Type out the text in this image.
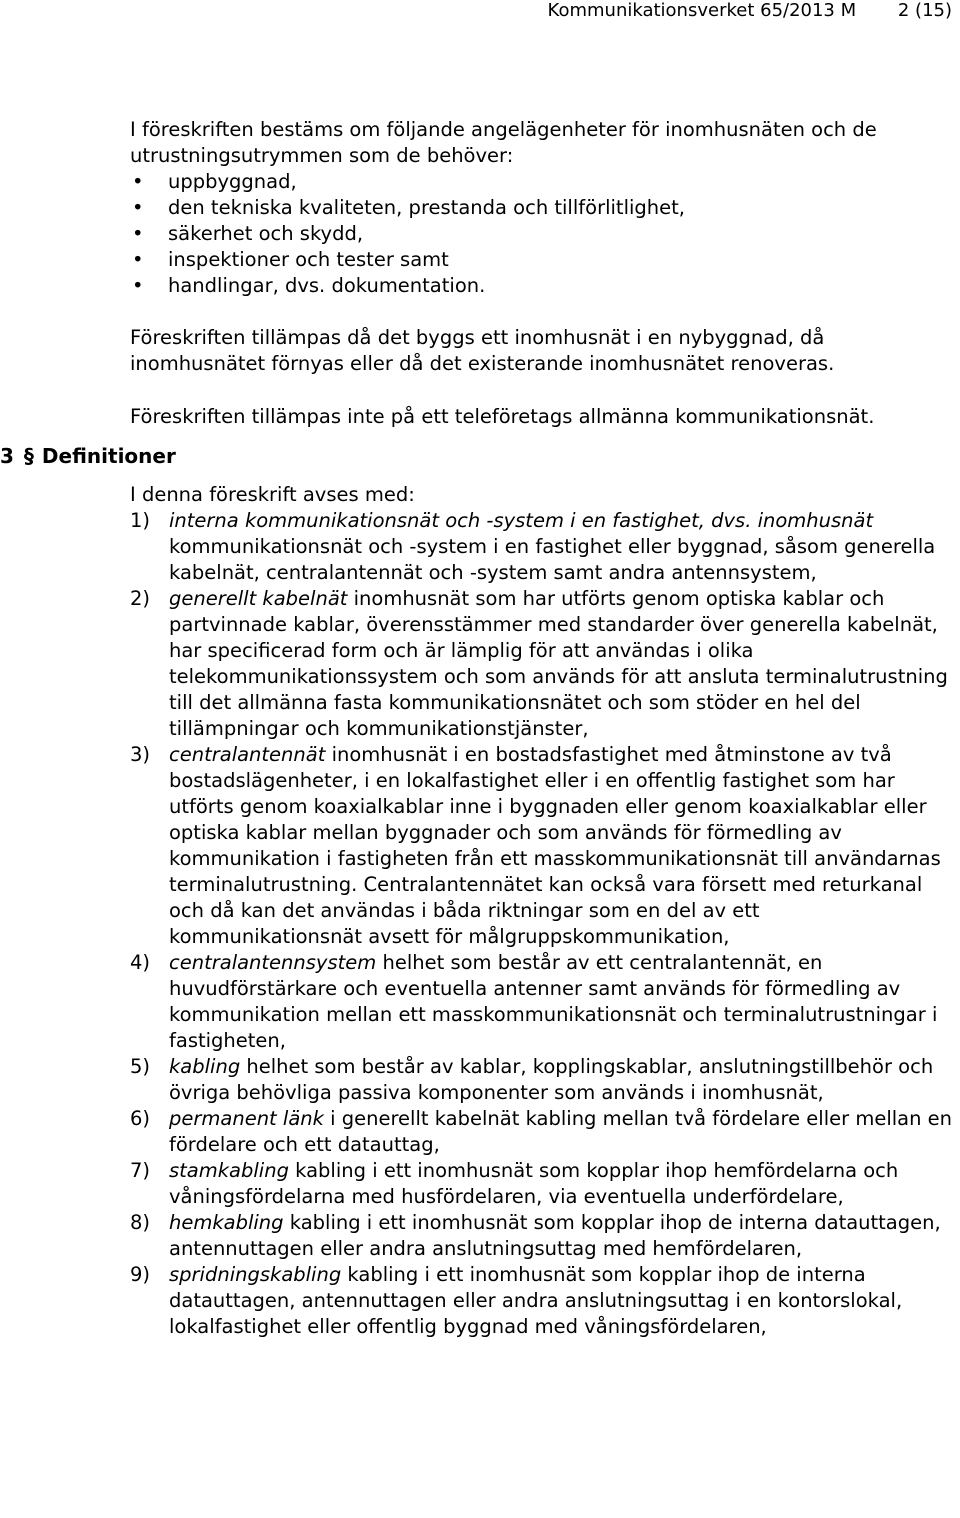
Kommunikationsverket 65/2013 M 2 (15)
3 § Definitioner

I föreskriften bestäms om följande angelägenheter för inomhusnäten och de utrustningsutrymmen som de behöver:

• uppbyggnad,
• den tekniska kvaliteten, prestanda och tillförlitlighet,
• säkerhet och skydd,
• inspektioner och tester samt
• handlingar, dvs. dokumentation.

Föreskriften tillämpas då det byggs ett inomhusnät i en nybyggnad, då inomhusnätet förnyas eller då det existerande inomhusnätet renoveras.

Föreskriften tillämpas inte på ett teleföretags allmänna kommunikationsnät.

I denna föreskrift avses med:

1) interna kommunikationsnät och -system i en fastighet, dvs. inomhusnät kommunikationsnät och -system i en fastighet eller byggnad, såsom generella kabelnät, centralantennät och -system samt andra antennsystem,
2) generellt kabelnät inomhusnät som har utförts genom optiska kablar och partvinnade kablar, överensstämmer med standarder över generella kabelnät, har specificerad form och är lämplig för att användas i olika telekommunikationssystem och som används för att ansluta terminalutrustning till det allmänna fasta kommunikationsnätet och som stöder en hel del tillämpningar och kommunikationstjänster,
3) centralantennät inomhusnät i en bostadsfastighet med åtminstone av två bostadslägenheter, i en lokalfastighet eller i en offentlig fastighet som har utförts genom koaxialkablar inne i byggnaden eller genom koaxialkablar eller optiska kablar mellan byggnader och som används för förmedling av kommunikation i fastigheten från ett masskommunikationsnät till användarnas terminalutrustning. Centralantennätet kan också vara försett med returkanal och då kan det användas i båda riktningar som en del av ett kommunikationsnät avsett för målgruppskommunikation,
4) centralantennsystem helhet som består av ett centralantennät, en huvudförstärkare och eventuella antenner samt används för förmedling av kommunikation mellan ett masskommunikationsnät och terminalutrustningar i fastigheten,
5) kabling helhet som består av kablar, kopplingskablar, anslutningstillbehör och övriga behövliga passiva komponenter som används i inomhusnät,
6) permanent länk i generellt kabelnät kabling mellan två fördelare eller mellan en fördelare och ett datauttag,
7) stamkabling kabling i ett inomhusnät som kopplar ihop hemfördelarna och våningsfördelarna med husfördelaren, via eventuella underfördelare,
8) hemkabling kabling i ett inomhusnät som kopplar ihop de interna datauttagen, antennuttagen eller andra anslutningsuttag med hemfördelaren,
9) spridningskabling kabling i ett inomhusnät som kopplar ihop de interna datauttagen, antennuttagen eller andra anslutningsuttag i en kontorslokal, lokalfastighet eller offentlig byggnad med våningsfördelaren,
